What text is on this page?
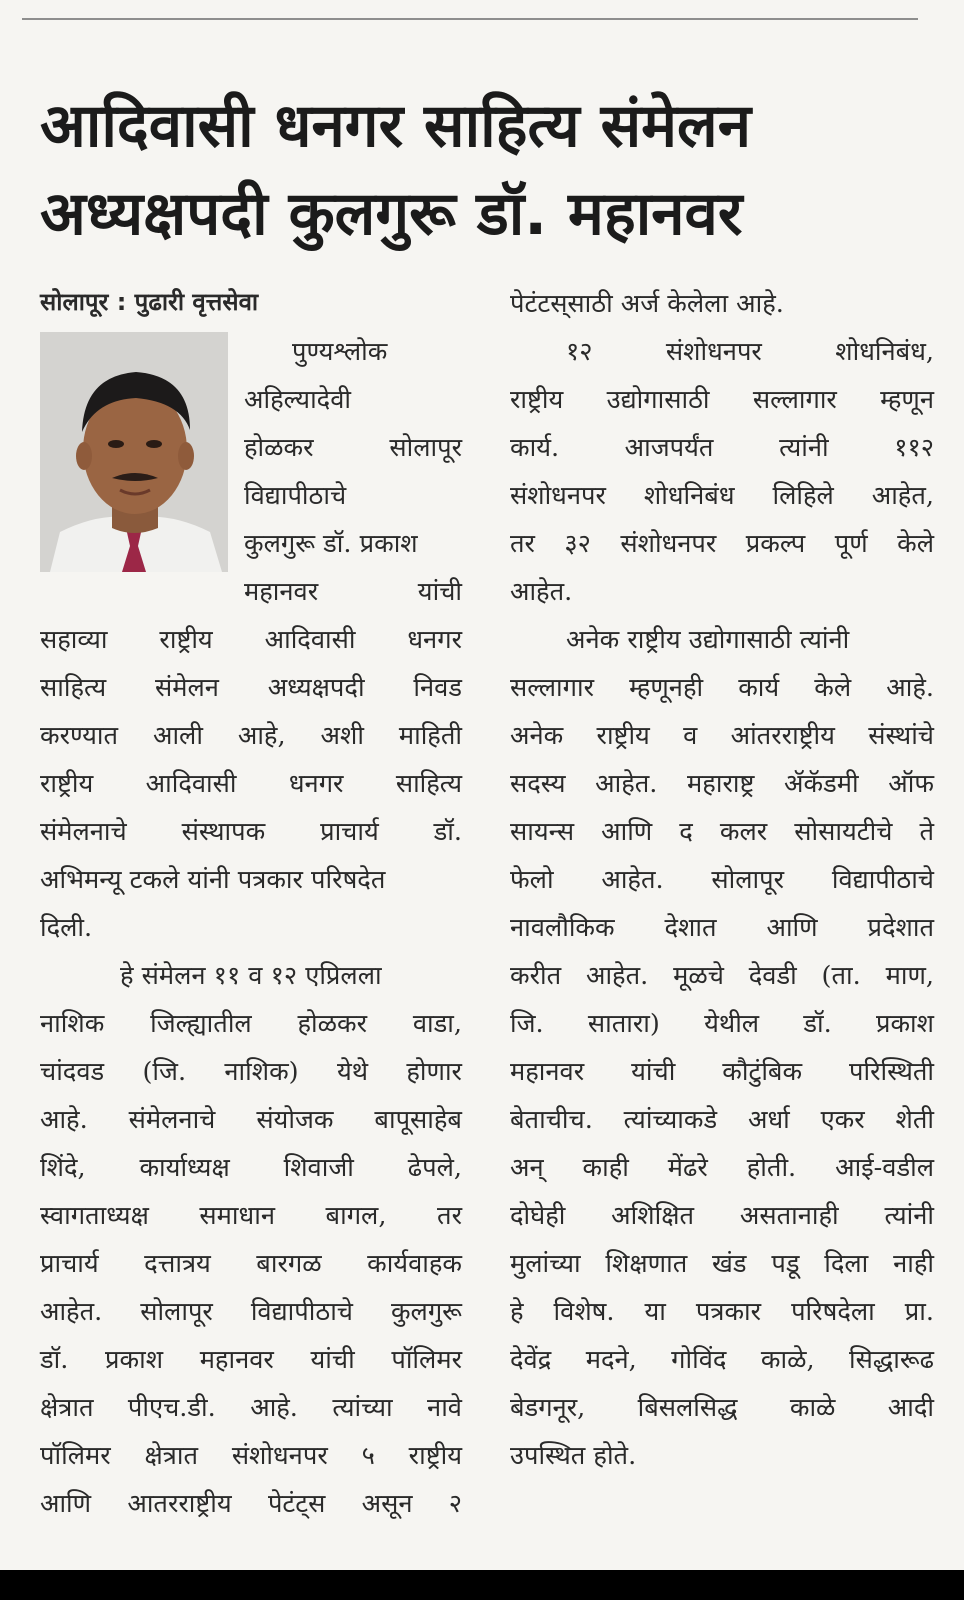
आदिवासी धनगर साहित्य संमेलन
अध्यक्षपदी कुलगुरू डॉ. महानवर
सोलापूर : पुढारी वृत्तसेवा
पुण्यश्लोक
अहिल्यादेवी
होळकर सोलापूर
विद्यापीठाचे
कुलगुरू डॉ. प्रकाश
महानवर यांची
सहाव्या राष्ट्रीय आदिवासी धनगर
साहित्य संमेलन अध्यक्षपदी निवड
करण्यात आली आहे, अशी माहिती
राष्ट्रीय आदिवासी धनगर साहित्य
संमेलनाचे संस्थापक प्राचार्य डॉ.
अभिमन्यू टकले यांनी पत्रकार परिषदेत
दिली.
हे संमेलन ११ व १२ एप्रिलला
नाशिक जिल्ह्यातील होळकर वाडा,
चांदवड (जि. नाशिक) येथे होणार
आहे. संमेलनाचे संयोजक बापूसाहेब
शिंदे, कार्याध्यक्ष शिवाजी ढेपले,
स्वागताध्यक्ष समाधान बागल, तर
प्राचार्य दत्तात्रय बारगळ कार्यवाहक
आहेत. सोलापूर विद्यापीठाचे कुलगुरू
डॉ. प्रकाश महानवर यांची पॉलिमर
क्षेत्रात पीएच.डी. आहे. त्यांच्या नावे
पॉलिमर क्षेत्रात संशोधनपर ५ राष्ट्रीय
आणि आतरराष्ट्रीय पेटंट्स असून २
पेटंटस्‌साठी अर्ज केलेला आहे.
१२ संशोधनपर शोधनिबंध,
राष्ट्रीय उद्योगासाठी सल्लागार म्हणून
कार्य. आजपर्यंत त्यांनी ११२
संशोधनपर शोधनिबंध लिहिले आहेत,
तर ३२ संशोधनपर प्रकल्प पूर्ण केले
आहेत.
अनेक राष्ट्रीय उद्योगासाठी त्यांनी
सल्लागार म्हणूनही कार्य केले आहे.
अनेक राष्ट्रीय व आंतरराष्ट्रीय संस्थांचे
सदस्य आहेत. महाराष्ट्र ॲकॅडमी ऑफ
सायन्स आणि द कलर सोसायटीचे ते
फेलो आहेत. सोलापूर विद्यापीठाचे
नावलौकिक देशात आणि प्रदेशात
करीत आहेत. मूळचे देवडी (ता. माण,
जि. सातारा) येथील डॉ. प्रकाश
महानवर यांची कौटुंबिक परिस्थिती
बेताचीच. त्यांच्याकडे अर्धा एकर शेती
अन्‌ काही मेंढरे होती. आई-वडील
दोघेही अशिक्षित असतानाही त्यांनी
मुलांच्या शिक्षणात खंड पडू दिला नाही
हे विशेष. या पत्रकार परिषदेला प्रा.
देवेंद्र मदने, गोविंद काळे, सिद्धारूढ
बेडगनूर, बिसलसिद्ध काळे आदी
उपस्थित होते.
